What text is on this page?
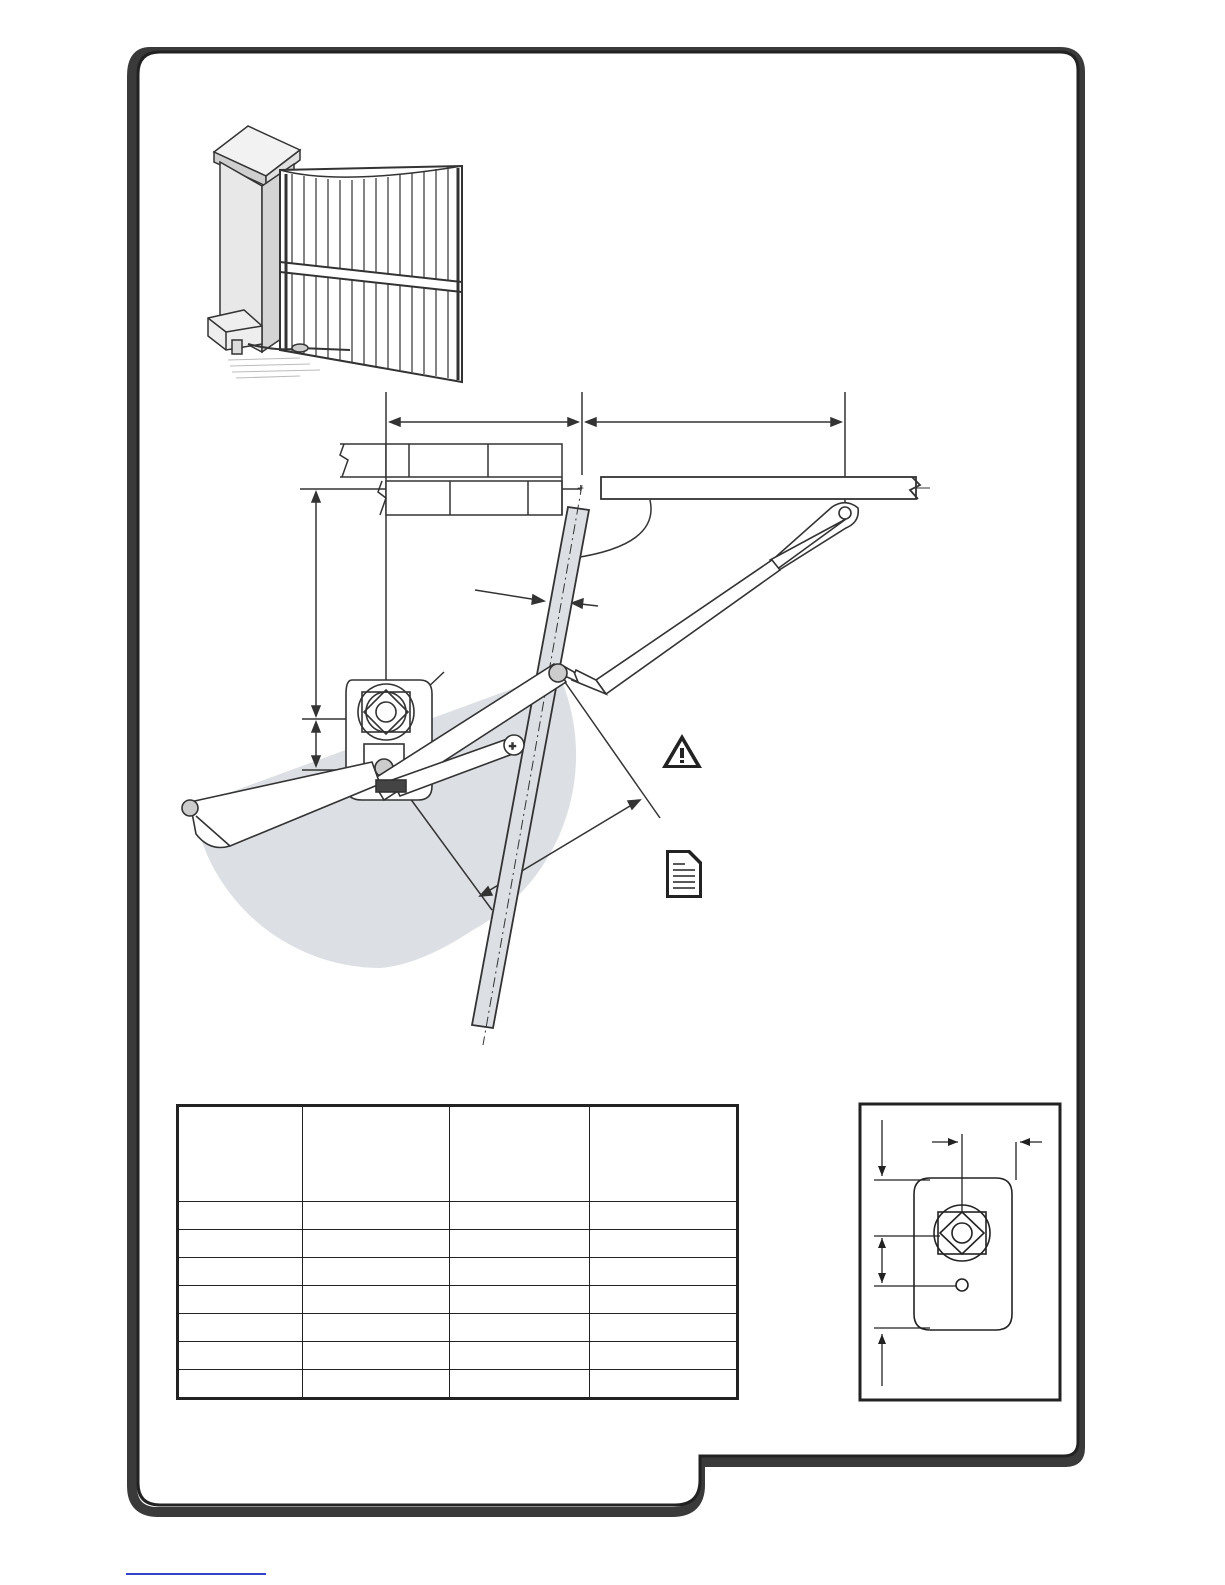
+
+
